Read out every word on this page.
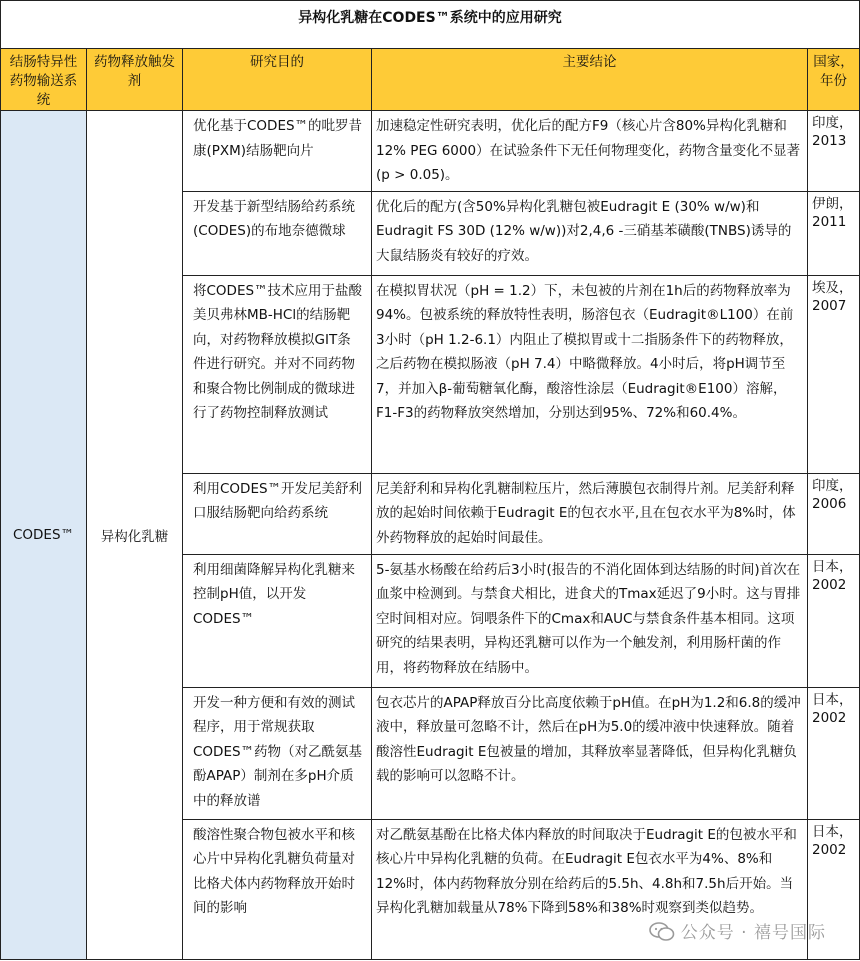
异构化乳糖在CODES™系统中的应用研究				
结肠特异性药物输送系统	药物释放触发剂	研究目的	主要结论	国家，年份
CODES™	异构化乳糖	优化基于CODES™的吡罗昔康(PXM)结肠靶向片	加速稳定性研究表明，优化后的配方F9（核心片含80%异构化乳糖和12% PEG 6000）在试验条件下无任何物理变化，药物含量变化不显著(p > 0.05)。	印度，2013
		开发基于新型结肠给药系统(CODES)的布地奈德微球	优化后的配方(含50%异构化乳糖包被Eudragit E (30% w/w)和Eudragit FS 30D (12% w/w))对2,4,6 -三硝基苯磺酸(TNBS)诱导的大鼠结肠炎有较好的疗效。	伊朗，2011
		将CODES™技术应用于盐酸美贝弗林MB-HCl的结肠靶向，对药物释放模拟GIT条件进行研究。并对不同药物和聚合物比例制成的微球进行了药物控制释放测试	在模拟胃状况（pH = 1.2）下，未包被的片剂在1h后的药物释放率为94%。包被系统的释放特性表明，肠溶包衣（Eudragit®L100）在前3小时（pH 1.2-6.1）内阻止了模拟胃或十二指肠条件下的药物释放，之后药物在模拟肠液（pH 7.4）中略微释放。4小时后，将pH调节至7，并加入β-葡萄糖氧化酶，酸溶性涂层（Eudragit®E100）溶解，F1-F3的药物释放突然增加，分别达到95%、72%和60.4%。	埃及，2007
		利用CODES™开发尼美舒利口服结肠靶向给药系统	尼美舒利和异构化乳糖制粒压片，然后薄膜包衣制得片剂。尼美舒利释放的起始时间依赖于Eudragit E的包衣水平,且在包衣水平为8%时，体外药物释放的起始时间最佳。	印度，2006
		利用细菌降解异构化乳糖来控制pH值，以开发CODES™	5-氨基水杨酸在给药后3小时(报告的不消化固体到达结肠的时间)首次在血浆中检测到。与禁食犬相比，进食犬的Tmax延迟了9小时。这与胃排空时间相对应。饲喂条件下的Cmax和AUC与禁食条件基本相同。这项研究的结果表明，异构还乳糖可以作为一个触发剂，利用肠杆菌的作用，将药物释放在结肠中。	日本，2002
		开发一种方便和有效的测试程序，用于常规获取CODES™药物（对乙酰氨基酚APAP）制剂在多pH介质中的释放谱	包衣芯片的APAP释放百分比高度依赖于pH值。在pH为1.2和6.8的缓冲液中，释放量可忽略不计，然后在pH为5.0的缓冲液中快速释放。随着酸溶性Eudragit E包被量的增加，其释放率显著降低，但异构化乳糖负载的影响可以忽略不计。	日本，2002
		酸溶性聚合物包被水平和核心片中异构化乳糖负荷量对比格犬体内药物释放开始时间的影响	对乙酰氨基酚在比格犬体内释放的时间取决于Eudragit E的包被水平和核心片中异构化乳糖的负荷。在Eudragit E包衣水平为4%、8%和12%时，体内药物释放分别在给药后的5.5h、4.8h和7.5h后开始。当异构化乳糖加载量从78%下降到58%和38%时观察到类似趋势。	日本，2002
公众号 · 禧号国际
